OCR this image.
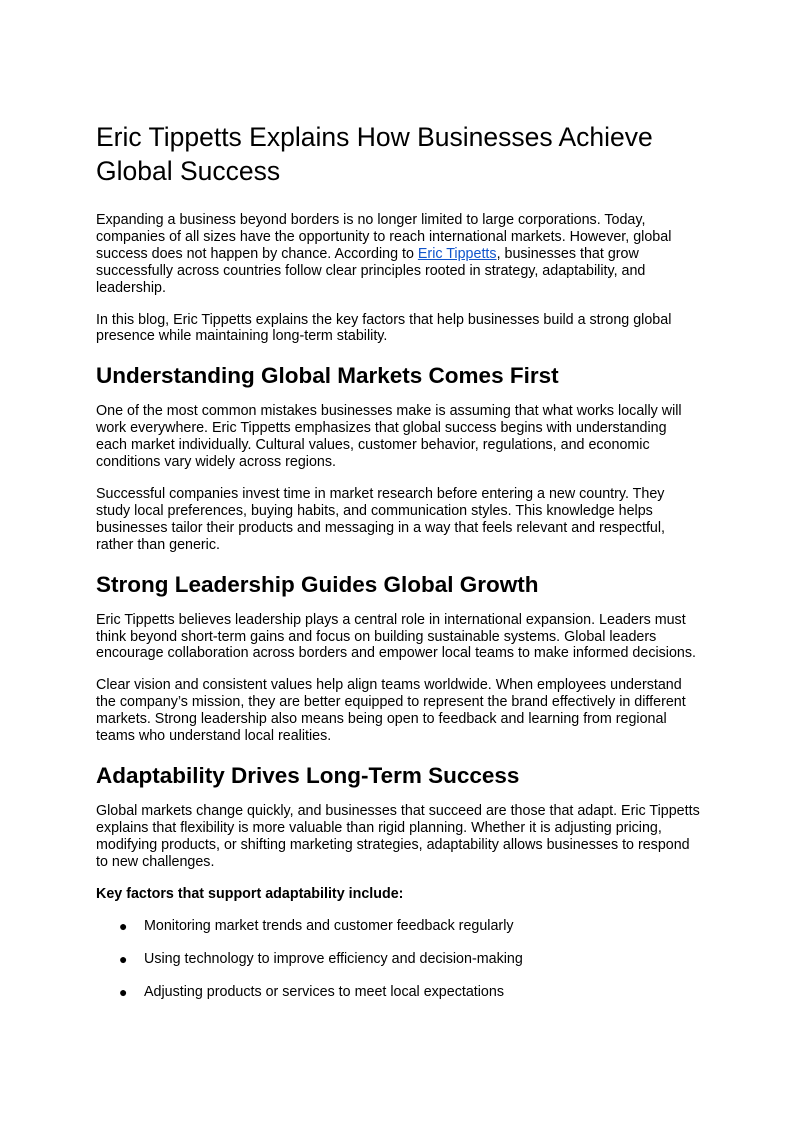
Eric Tippetts Explains How Businesses Achieve Global Success

Expanding a business beyond borders is no longer limited to large corporations. Today, companies of all sizes have the opportunity to reach international markets. However, global success does not happen by chance. According to Eric Tippetts, businesses that grow successfully across countries follow clear principles rooted in strategy, adaptability, and leadership.

In this blog, Eric Tippetts explains the key factors that help businesses build a strong global presence while maintaining long-term stability.

Understanding Global Markets Comes First

One of the most common mistakes businesses make is assuming that what works locally will work everywhere. Eric Tippetts emphasizes that global success begins with understanding each market individually. Cultural values, customer behavior, regulations, and economic conditions vary widely across regions.

Successful companies invest time in market research before entering a new country. They study local preferences, buying habits, and communication styles. This knowledge helps businesses tailor their products and messaging in a way that feels relevant and respectful, rather than generic.

Strong Leadership Guides Global Growth

Eric Tippetts believes leadership plays a central role in international expansion. Leaders must think beyond short-term gains and focus on building sustainable systems. Global leaders encourage collaboration across borders and empower local teams to make informed decisions.

Clear vision and consistent values help align teams worldwide. When employees understand the company’s mission, they are better equipped to represent the brand effectively in different markets. Strong leadership also means being open to feedback and learning from regional teams who understand local realities.

Adaptability Drives Long-Term Success

Global markets change quickly, and businesses that succeed are those that adapt. Eric Tippetts explains that flexibility is more valuable than rigid planning. Whether it is adjusting pricing, modifying products, or shifting marketing strategies, adaptability allows businesses to respond to new challenges.

Key factors that support adaptability include:

● Monitoring market trends and customer feedback regularly
● Using technology to improve efficiency and decision-making
● Adjusting products or services to meet local expectations
